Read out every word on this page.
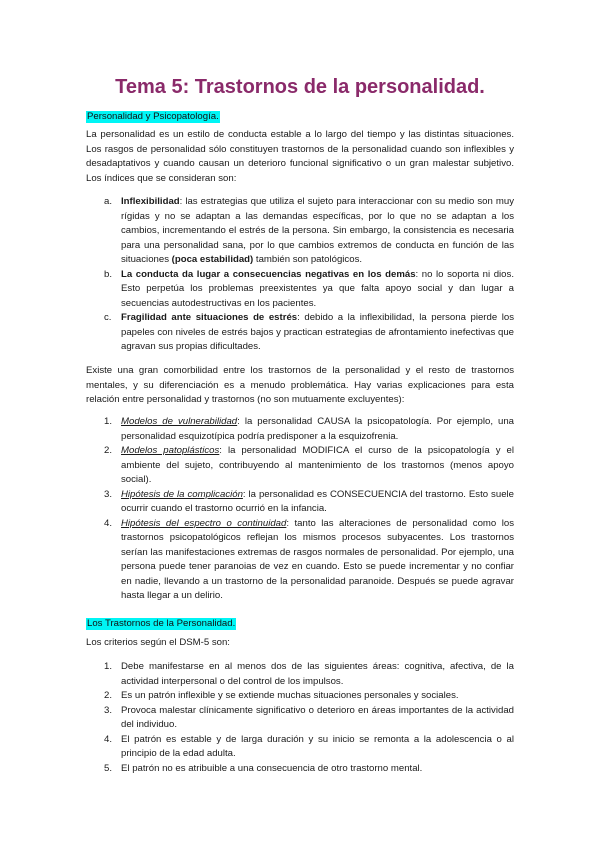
Tema 5: Trastornos de la personalidad.
Personalidad y Psicopatología.

La personalidad es un estilo de conducta estable a lo largo del tiempo y las distintas situaciones. Los rasgos de personalidad sólo constituyen trastornos de la personalidad cuando son inflexibles y desadaptativos y cuando causan un deterioro funcional significativo o un gran malestar subjetivo. Los índices que se consideran son:

a. Inflexibilidad: las estrategias que utiliza el sujeto para interaccionar con su medio son muy rígidas y no se adaptan a las demandas específicas, por lo que no se adaptan a los cambios, incrementando el estrés de la persona. Sin embargo, la consistencia es necesaria para una personalidad sana, por lo que cambios extremos de conducta en función de las situaciones (poca estabilidad) también son patológicos.
b. La conducta da lugar a consecuencias negativas en los demás: no lo soporta ni dios. Esto perpetúa los problemas preexistentes ya que falta apoyo social y dan lugar a secuencias autodestructivas en los pacientes.
c. Fragilidad ante situaciones de estrés: debido a la inflexibilidad, la persona pierde los papeles con niveles de estrés bajos y practican estrategias de afrontamiento inefectivas que agravan sus propias dificultades.

Existe una gran comorbilidad entre los trastornos de la personalidad y el resto de trastornos mentales, y su diferenciación es a menudo problemática. Hay varias explicaciones para esta relación entre personalidad y trastornos (no son mutuamente excluyentes):

1. Modelos de vulnerabilidad: la personalidad CAUSA la psicopatología. Por ejemplo, una personalidad esquizotípica podría predisponer a la esquizofrenia.
2. Modelos patoplásticos: la personalidad MODIFICA el curso de la psicopatología y el ambiente del sujeto, contribuyendo al mantenimiento de los trastornos (menos apoyo social).
3. Hipótesis de la complicación: la personalidad es CONSECUENCIA del trastorno. Esto suele ocurrir cuando el trastorno ocurrió en la infancia.
4. Hipótesis del espectro o continuidad: tanto las alteraciones de personalidad como los trastornos psicopatológicos reflejan los mismos procesos subyacentes. Los trastornos serían las manifestaciones extremas de rasgos normales de personalidad. Por ejemplo, una persona puede tener paranoias de vez en cuando. Esto se puede incrementar y no confiar en nadie, llevando a un trastorno de la personalidad paranoide. Después se puede agravar hasta llegar a un delirio.
Los Trastornos de la Personalidad.

Los criterios según el DSM-5 son:

1. Debe manifestarse en al menos dos de las siguientes áreas: cognitiva, afectiva, de la actividad interpersonal o del control de los impulsos.
2. Es un patrón inflexible y se extiende muchas situaciones personales y sociales.
3. Provoca malestar clínicamente significativo o deterioro en áreas importantes de la actividad del individuo.
4. El patrón es estable y de larga duración y su inicio se remonta a la adolescencia o al principio de la edad adulta.
5. El patrón no es atribuible a una consecuencia de otro trastorno mental.
